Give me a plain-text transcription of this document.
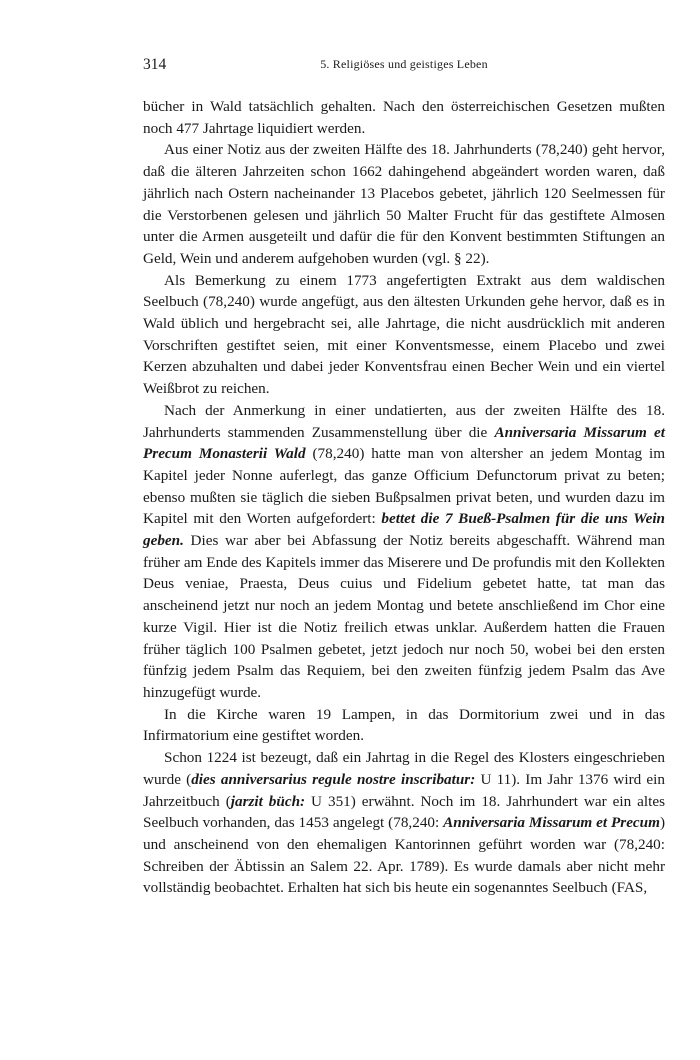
314	5. Religiöses und geistiges Leben

bücher in Wald tatsächlich gehalten. Nach den österreichischen Gesetzen mußten noch 477 Jahrtage liquidiert werden.

Aus einer Notiz aus der zweiten Hälfte des 18. Jahrhunderts (78,240) geht hervor, daß die älteren Jahrzeiten schon 1662 dahingehend abgeändert worden waren, daß jährlich nach Ostern nacheinander 13 Placebos gebetet, jährlich 120 Seelmessen für die Verstorbenen gelesen und jährlich 50 Malter Frucht für das gestiftete Almosen unter die Armen ausgeteilt und dafür die für den Konvent bestimmten Stiftungen an Geld, Wein und anderem aufgehoben wurden (vgl. § 22).

Als Bemerkung zu einem 1773 angefertigten Extrakt aus dem waldischen Seelbuch (78,240) wurde angefügt, aus den ältesten Urkunden gehe hervor, daß es in Wald üblich und hergebracht sei, alle Jahrtage, die nicht ausdrücklich mit anderen Vorschriften gestiftet seien, mit einer Konventsmesse, einem Placebo und zwei Kerzen abzuhalten und dabei jeder Konventsfrau einen Becher Wein und ein viertel Weißbrot zu reichen.

Nach der Anmerkung in einer undatierten, aus der zweiten Hälfte des 18. Jahrhunderts stammenden Zusammenstellung über die Anniversaria Missarum et Precum Monasterii Wald (78,240) hatte man von altersher an jedem Montag im Kapitel jeder Nonne auferlegt, das ganze Officium Defunctorum privat zu beten; ebenso mußten sie täglich die sieben Bußpsalmen privat beten, und wurden dazu im Kapitel mit den Worten aufgefordert: bettet die 7 Bueß-Psalmen für die uns Wein geben. Dies war aber bei Abfassung der Notiz bereits abgeschafft. Während man früher am Ende des Kapitels immer das Miserere und De profundis mit den Kollekten Deus veniae, Praesta, Deus cuius und Fidelium gebetet hatte, tat man das anscheinend jetzt nur noch an jedem Montag und betete anschließend im Chor eine kurze Vigil. Hier ist die Notiz freilich etwas unklar. Außerdem hatten die Frauen früher täglich 100 Psalmen gebetet, jetzt jedoch nur noch 50, wobei bei den ersten fünfzig jedem Psalm das Requiem, bei den zweiten fünfzig jedem Psalm das Ave hinzugefügt wurde.

In die Kirche waren 19 Lampen, in das Dormitorium zwei und in das Infirmatorium eine gestiftet worden.

Schon 1224 ist bezeugt, daß ein Jahrtag in die Regel des Klosters eingeschrieben wurde (dies anniversarius regule nostre inscribatur: U 11). Im Jahr 1376 wird ein Jahrzeitbuch (jarzit büch: U 351) erwähnt. Noch im 18. Jahrhundert war ein altes Seelbuch vorhanden, das 1453 angelegt (78,240: Anniversaria Missarum et Precum) und anscheinend von den ehemaligen Kantorinnen geführt worden war (78,240: Schreiben der Äbtissin an Salem 22. Apr. 1789). Es wurde damals aber nicht mehr vollständig beobachtet. Erhalten hat sich bis heute ein sogenanntes Seelbuch (FAS,
